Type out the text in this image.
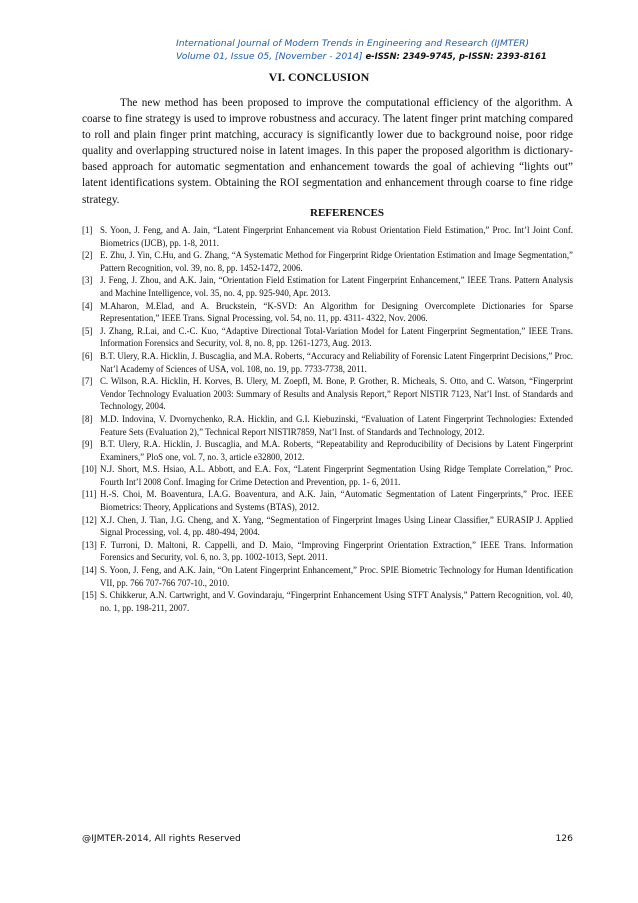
International Journal of Modern Trends in Engineering and Research (IJMTER)
Volume 01, Issue 05, [November - 2014] e-ISSN: 2349-9745, p-ISSN: 2393-8161
VI. CONCLUSION

The new method has been proposed to improve the computational efficiency of the algorithm. A coarse to fine strategy is used to improve robustness and accuracy. The latent finger print matching compared to roll and plain finger print matching, accuracy is significantly lower due to background noise, poor ridge quality and overlapping structured noise in latent images. In this paper the proposed algorithm is dictionary-based approach for automatic segmentation and enhancement towards the goal of achieving “lights out” latent identifications system. Obtaining the ROI segmentation and enhancement through coarse to fine ridge strategy.

REFERENCES
[1] S. Yoon, J. Feng, and A. Jain, “Latent Fingerprint Enhancement via Robust Orientation Field Estimation,” Proc. Int’l Joint Conf. Biometrics (IJCB), pp. 1-8, 2011.
[2] E. Zhu, J. Yin, C.Hu, and G. Zhang, “A Systematic Method for Fingerprint Ridge Orientation Estimation and Image Segmentation,” Pattern Recognition, vol. 39, no. 8, pp. 1452-1472, 2006.
[3] J. Feng, J. Zhou, and A.K. Jain, “Orientation Field Estimation for Latent Fingerprint Enhancement,” IEEE Trans. Pattern Analysis and Machine Intelligence, vol. 35, no. 4, pp. 925-940, Apr. 2013.
[4] M.Aharon, M.Elad, and A. Bruckstein, “K-SVD: An Algorithm for Designing Overcomplete Dictionaries for Sparse Representation,” IEEE Trans. Signal Processing, vol. 54, no. 11, pp. 4311- 4322, Nov. 2006.
[5] J. Zhang, R.Lai, and C.-C. Kuo, “Adaptive Directional Total-Variation Model for Latent Fingerprint Segmentation,” IEEE Trans. Information Forensics and Security, vol. 8, no. 8, pp. 1261-1273, Aug. 2013.
[6] B.T. Ulery, R.A. Hicklin, J. Buscaglia, and M.A. Roberts, “Accuracy and Reliability of Forensic Latent Fingerprint Decisions,” Proc. Nat’l Academy of Sciences of USA, vol. 108, no. 19, pp. 7733-7738, 2011.
[7] C. Wilson, R.A. Hicklin, H. Korves, B. Ulery, M. Zoepfl, M. Bone, P. Grother, R. Micheals, S. Otto, and C. Watson, “Fingerprint Vendor Technology Evaluation 2003: Summary of Results and Analysis Report,” Report NISTIR 7123, Nat’l Inst. of Standards and Technology, 2004.
[8] M.D. Indovina, V. Dvornychenko, R.A. Hicklin, and G.I. Kiebuzinski, “Evaluation of Latent Fingerprint Technologies: Extended Feature Sets (Evaluation 2),” Technical Report NISTIR7859, Nat’l Inst. of Standards and Technology, 2012.
[9] B.T. Ulery, R.A. Hicklin, J. Buscaglia, and M.A. Roberts, “Repeatability and Reproducibility of Decisions by Latent Fingerprint Examiners,” PloS one, vol. 7, no. 3, article e32800, 2012.
[10] N.J. Short, M.S. Hsiao, A.L. Abbott, and E.A. Fox, “Latent Fingerprint Segmentation Using Ridge Template Correlation,” Proc. Fourth Int’l 2008 Conf. Imaging for Crime Detection and Prevention, pp. 1- 6, 2011.
[11] H.-S. Choi, M. Boaventura, I.A.G. Boaventura, and A.K. Jain, “Automatic Segmentation of Latent Fingerprints,” Proc. IEEE Biometrics: Theory, Applications and Systems (BTAS), 2012.
[12] X.J. Chen, J. Tian, J.G. Cheng, and X. Yang, “Segmentation of Fingerprint Images Using Linear Classifier,” EURASIP J. Applied Signal Processing, vol. 4, pp. 480-494, 2004.
[13] F. Turroni, D. Maltoni, R. Cappelli, and D. Maio, “Improving Fingerprint Orientation Extraction,” IEEE Trans. Information Forensics and Security, vol. 6, no. 3, pp. 1002-1013, Sept. 2011.
[14] S. Yoon, J. Feng, and A.K. Jain, “On Latent Fingerprint Enhancement,” Proc. SPIE Biometric Technology for Human Identification VII, pp. 766 707-766 707-10., 2010.
[15] S. Chikkerur, A.N. Cartwright, and V. Govindaraju, “Fingerprint Enhancement Using STFT Analysis,” Pattern Recognition, vol. 40, no. 1, pp. 198-211, 2007.
@IJMTER-2014, All rights Reserved	126
